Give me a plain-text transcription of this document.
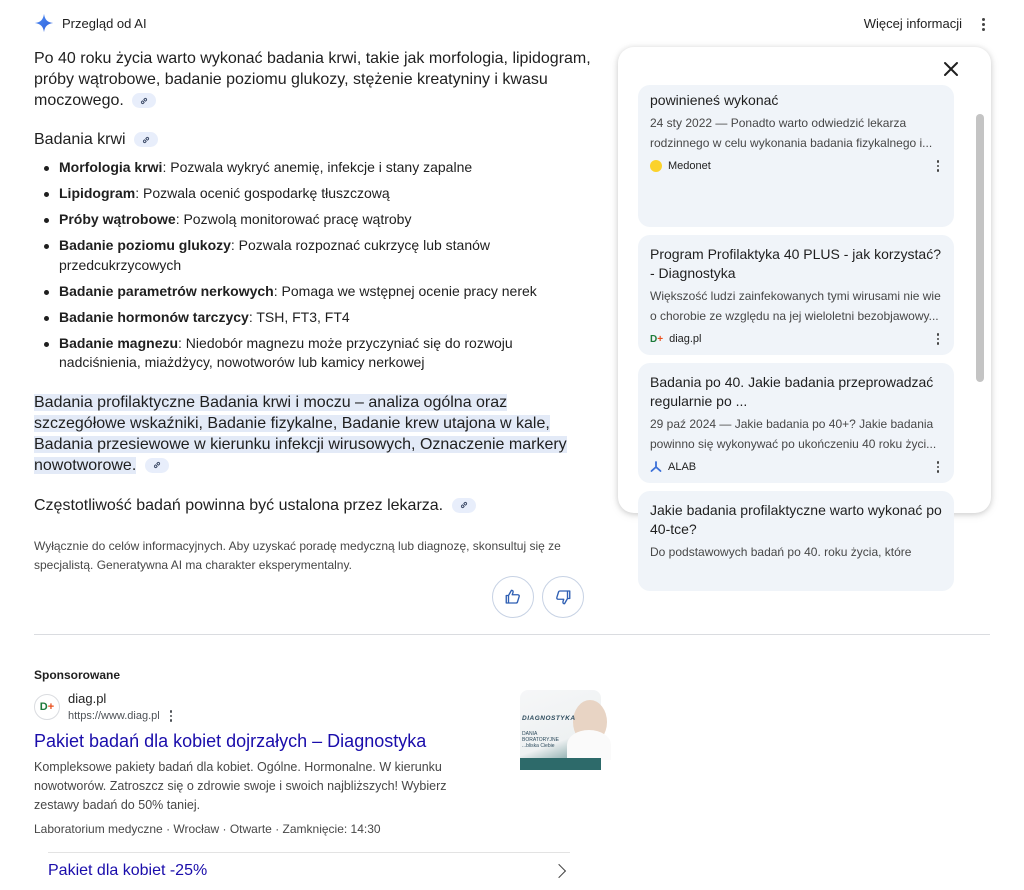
Przegląd od AI	Więcej informacji

Po 40 roku życia warto wykonać badania krwi, takie jak morfologia, lipidogram, próby wątrobowe, badanie poziomu glukozy, stężenie kreatyniny i kwasu moczowego.

Badania krwi
Morfologia krwi: Pozwala wykryć anemię, infekcje i stany zapalne
Lipidogram: Pozwala ocenić gospodarkę tłuszczową
Próby wątrobowe: Pozwolą monitorować pracę wątroby
Badanie poziomu glukozy: Pozwala rozpoznać cukrzycę lub stanów przedcukrzycowych
Badanie parametrów nerkowych: Pomaga we wstępnej ocenie pracy nerek
Badanie hormonów tarczycy: TSH, FT3, FT4
Badanie magnezu: Niedobór magnezu może przyczyniać się do rozwoju nadciśnienia, miażdżycy, nowotworów lub kamicy nerkowej

Badania profilaktyczne Badania krwi i moczu – analiza ogólna oraz szczegółowe wskaźniki, Badanie fizykalne, Badanie krew utajona w kale, Badania przesiewowe w kierunku infekcji wirusowych, Oznaczenie markery nowotworowe.

Częstotliwość badań powinna być ustalona przez lekarza.

Wyłącznie do celów informacyjnych. Aby uzyskać poradę medyczną lub diagnozę, skonsultuj się ze specjalistą. Generatywna AI ma charakter eksperymentalny.

Sponsorowane
D +
diag.pl
https://www.diag.pl
Pakiet badań dla kobiet dojrzałych – Diagnostyka
Kompleksowe pakiety badań dla kobiet. Ogólne. Hormonalne. W kierunku nowotworów. Zatroszcz się o zdrowie swoje i swoich najbliższych! Wybierz zestawy badań do 50% taniej.
Laboratorium medyczne · Wrocław · Otwarte · Zamknięcie: 14:30
DIAGNOSTYKA
DANIA
BORATORYJNE
...bliska Ciebie
Pakiet dla kobiet -25%
powinieneś wykonać
24 sty 2022 — Ponadto warto odwiedzić lekarza
rodzinnego w celu wykonania badania fizykalnego i...
Medonet
Program Profilaktyka 40 PLUS - jak korzystać? - Diagnostyka
Większość ludzi zainfekowanych tymi wirusami nie wie
o chorobie ze względu na jej wieloletni bezobjawowy...
D+ diag.pl
Badania po 40. Jakie badania przeprowadzać regularnie po ...
29 paź 2024 — Jakie badania po 40+? Jakie badania
powinno się wykonywać po ukończeniu 40 roku życi...
ALAB
Jakie badania profilaktyczne warto wykonać po 40-tce?
Do podstawowych badań po 40. roku życia, które
